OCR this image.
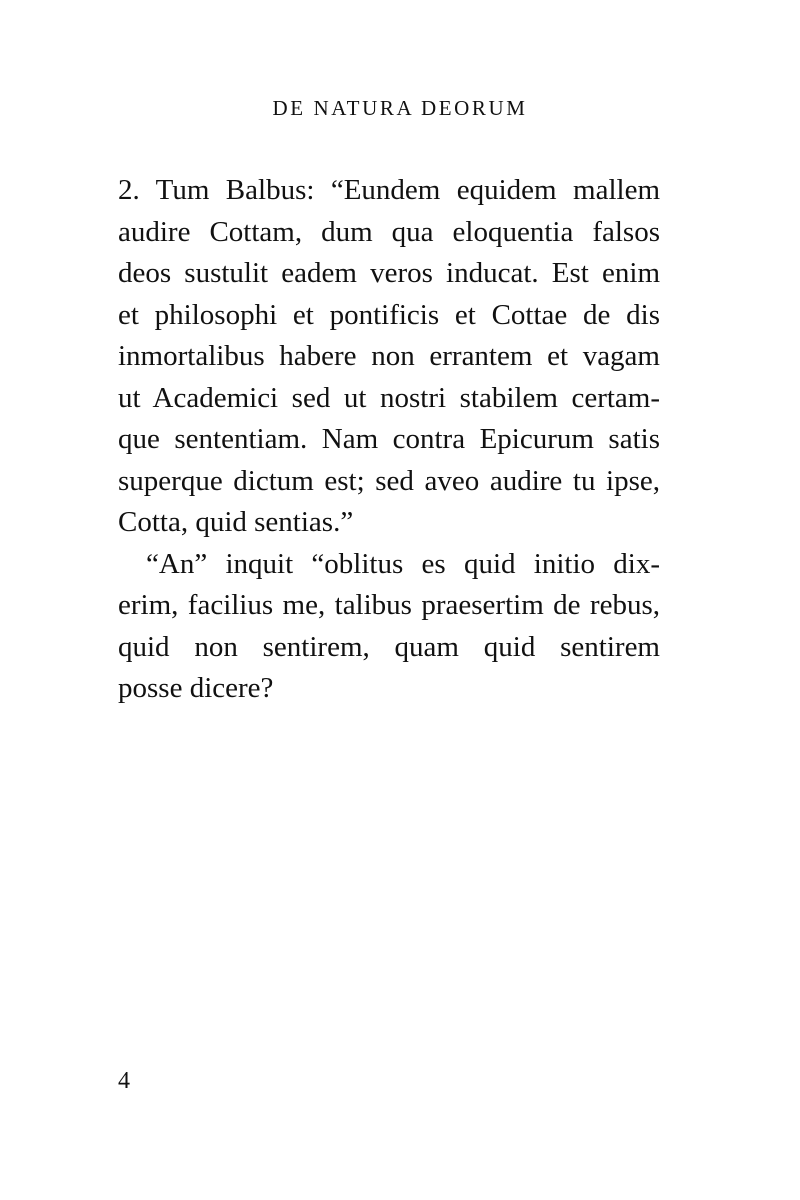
DE NATURA DEORUM
2. Tum Balbus: “Eundem equidem mallem
audire Cottam, dum qua eloquentia falsos
deos sustulit eadem veros inducat. Est enim
et philosophi et pontificis et Cottae de dis
inmortalibus habere non errantem et vagam
ut Academici sed ut nostri stabilem certam-
que sententiam. Nam contra Epicurum satis
superque dictum est; sed aveo audire tu ipse,
Cotta, quid sentias.”
“An” inquit “oblitus es quid initio dix-
erim, facilius me, talibus praesertim de rebus,
quid non sentirem, quam quid sentirem
posse dicere?
4
